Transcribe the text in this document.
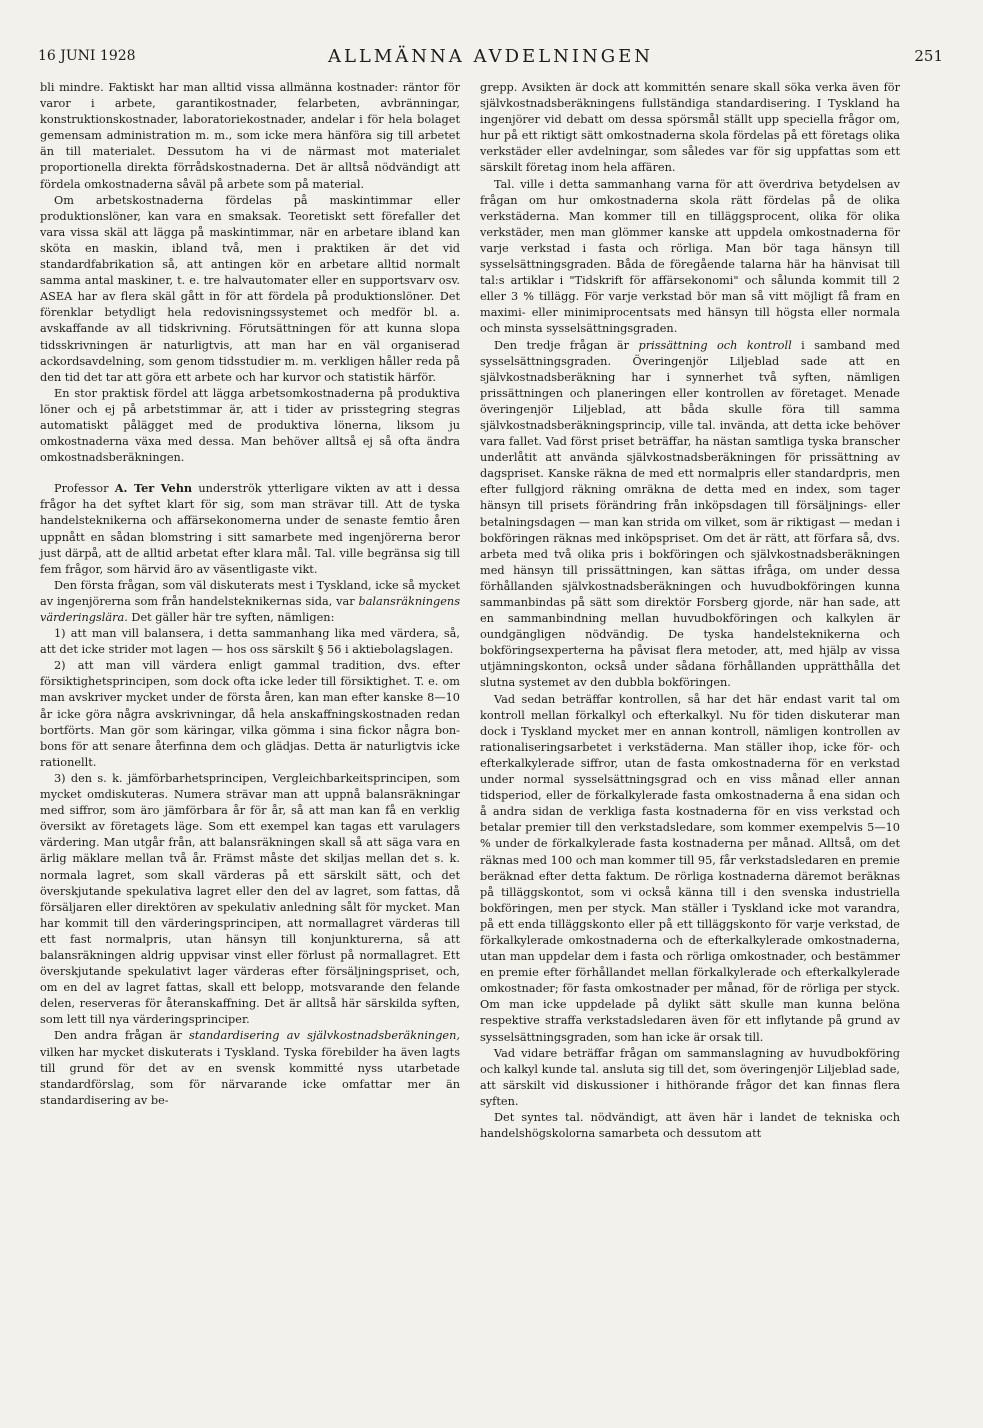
16 JUNI 1928	ALLMÄNNA AVDELNINGEN	251

bli mindre. Faktiskt har man alltid vissa allmänna kostnader: räntor för varor i arbete, garantikostnader, felarbeten, avbränningar, konstruktionskostnader, laboratoriekostnader, andelar i för hela bolaget gemensam administration m. m., som icke mera hänföra sig till arbetet än till materialet. Dessutom ha vi de närmast mot materialet proportionella direkta förrådskostnaderna. Det är alltså nödvändigt att fördela omkostnaderna såväl på arbete som på material.

Om arbetskostnaderna fördelas på maskintimmar eller produktionslöner, kan vara en smaksak. Teoretiskt sett förefaller det vara vissa skäl att lägga på maskintimmar, när en arbetare ibland kan sköta en maskin, ibland två, men i praktiken är det vid standardfabrikation så, att antingen kör en arbetare alltid normalt samma antal maskiner, t. e. tre halvautomater eller en supportsvarv osv. ASEA har av flera skäl gått in för att fördela på produktionslöner. Det förenklar betydligt hela redovisningssystemet och medför bl. a. avskaffande av all tidskrivning. Förutsättningen för att kunna slopa tidsskrivningen är naturligtvis, att man har en väl organiserad ackordsavdelning, som genom tidsstudier m. m. verkligen håller reda på den tid det tar att göra ett arbete och har kurvor och statistik härför.

En stor praktisk fördel att lägga arbetsomkostnaderna på produktiva löner och ej på arbetstimmar är, att i tider av prisstegring stegras automatiskt pålägget med de produktiva lönerna, liksom ju omkostnaderna växa med dessa. Man behöver alltså ej så ofta ändra omkostnadsberäkningen.

Professor A. Ter Vehn underströk ytterligare vikten av att i dessa frågor ha det syftet klart för sig, som man strävar till. Att de tyska handelsteknikerna och affärsekonomerna under de senaste femtio åren uppnått en sådan blomstring i sitt samarbete med ingenjörerna beror just därpå, att de alltid arbetat efter klara mål. Tal. ville begränsa sig till fem frågor, som härvid äro av väsentligaste vikt.

Den första frågan, som väl diskuterats mest i Tyskland, icke så mycket av ingenjörerna som från handelsteknikernas sida, var balansräkningens värderingslära. Det gäller här tre syften, nämligen:

1) att man vill balansera, i detta sammanhang lika med värdera, så, att det icke strider mot lagen — hos oss särskilt § 56 i aktiebolagslagen.

2) att man vill värdera enligt gammal tradition, dvs. efter försiktighetsprincipen, som dock ofta icke leder till försiktighet. T. e. om man avskriver mycket under de första åren, kan man efter kanske 8—10 år icke göra några avskrivningar, då hela anskaffningskostnaden redan bortförts. Man gör som käringar, vilka gömma i sina fickor några bon-bons för att senare återfinna dem och glädjas. Detta är naturligtvis icke rationellt.

3) den s. k. jämförbarhetsprincipen, Vergleichbarkeitsprincipen, som mycket omdiskuteras. Numera strävar man att uppnå balansräkningar med siffror, som äro jämförbara år för år, så att man kan få en verklig översikt av företagets läge. Som ett exempel kan tagas ett varulagers värdering. Man utgår från, att balansräkningen skall så att säga vara en ärlig mäklare mellan två år. Främst måste det skiljas mellan det s. k. normala lagret, som skall värderas på ett särskilt sätt, och det överskjutande spekulativa lagret eller den del av lagret, som fattas, då försäljaren eller direktören av spekulativ anledning sålt för mycket. Man har kommit till den värderingsprincipen, att normallagret värderas till ett fast normalpris, utan hänsyn till konjunkturerna, så att balansräkningen aldrig uppvisar vinst eller förlust på normallagret. Ett överskjutande spekulativt lager värderas efter försäljningspriset, och, om en del av lagret fattas, skall ett belopp, motsvarande den felande delen, reserveras för återanskaffning. Det är alltså här särskilda syften, som lett till nya värderingsprinciper.

Den andra frågan är standardisering av självkostnadsberäkningen, vilken har mycket diskuterats i Tyskland. Tyska förebilder ha även lagts till grund för det av en svensk kommitté nyss utarbetade standardförslag, som för närvarande icke omfattar mer än standardisering av be-

grepp. Avsikten är dock att kommittén senare skall söka verka även för självkostnadsberäkningens fullständiga standardisering. I Tyskland ha ingenjörer vid debatt om dessa spörsmål ställt upp speciella frågor om, hur på ett riktigt sätt omkostnaderna skola fördelas på ett företags olika verkstäder eller avdelningar, som således var för sig uppfattas som ett särskilt företag inom hela affären.

Tal. ville i detta sammanhang varna för att överdriva betydelsen av frågan om hur omkostnaderna skola rätt fördelas på de olika verkstäderna. Man kommer till en tilläggsprocent, olika för olika verkstäder, men man glömmer kanske att uppdela omkostnaderna för varje verkstad i fasta och rörliga. Man bör taga hänsyn till sysselsättningsgraden. Båda de föregående talarna här ha hänvisat till tal:s artiklar i "Tidskrift för affärsekonomi" och sålunda kommit till 2 eller 3 % tillägg. För varje verkstad bör man så vitt möjligt få fram en maximi- eller minimiprocentsats med hänsyn till högsta eller normala och minsta sysselsättningsgraden.

Den tredje frågan är prissättning och kontroll i samband med sysselsättningsgraden. Överingenjör Liljeblad sade att en självkostnadsberäkning har i synnerhet två syften, nämligen prissättningen och planeringen eller kontrollen av företaget. Menade överingenjör Liljeblad, att båda skulle föra till samma självkostnadsberäkningsprincip, ville tal. invända, att detta icke behöver vara fallet. Vad först priset beträffar, ha nästan samtliga tyska branscher underlåtit att använda självkostnadsberäkningen för prissättning av dagspriset. Kanske räkna de med ett normalpris eller standardpris, men efter fullgjord räkning omräkna de detta med en index, som tager hänsyn till prisets förändring från inköpsdagen till försäljnings- eller betalningsdagen — man kan strida om vilket, som är riktigast — medan i bokföringen räknas med inköpspriset. Om det är rätt, att förfara så, dvs. arbeta med två olika pris i bokföringen och självkostnadsberäkningen med hänsyn till prissättningen, kan sättas ifråga, om under dessa förhållanden självkostnadsberäkningen och huvudbokföringen kunna sammanbindas på sätt som direktör Forsberg gjorde, när han sade, att en sammanbindning mellan huvudbokföringen och kalkylen är oundgängligen nödvändig. De tyska handelsteknikerna och bokföringsexperterna ha påvisat flera metoder, att, med hjälp av vissa utjämningskonton, också under sådana förhållanden upprätthålla det slutna systemet av den dubbla bokföringen.

Vad sedan beträffar kontrollen, så har det här endast varit tal om kontroll mellan förkalkyl och efterkalkyl. Nu för tiden diskuterar man dock i Tyskland mycket mer en annan kontroll, nämligen kontrollen av rationaliseringsarbetet i verkstäderna. Man ställer ihop, icke för- och efterkalkylerade siffror, utan de fasta omkostnaderna för en verkstad under normal sysselsättningsgrad och en viss månad eller annan tidsperiod, eller de förkalkylerade fasta omkostnaderna å ena sidan och å andra sidan de verkliga fasta kostnaderna för en viss verkstad och betalar premier till den verkstadsledare, som kommer exempelvis 5—10 % under de förkalkylerade fasta kostnaderna per månad. Alltså, om det räknas med 100 och man kommer till 95, får verkstadsledaren en premie beräknad efter detta faktum. De rörliga kostnaderna däremot beräknas på tilläggskontot, som vi också känna till i den svenska industriella bokföringen, men per styck. Man ställer i Tyskland icke mot varandra, på ett enda tilläggskonto eller på ett tilläggskonto för varje verkstad, de förkalkylerade omkostnaderna och de efterkalkylerade omkostnaderna, utan man uppdelar dem i fasta och rörliga omkostnader, och bestämmer en premie efter förhållandet mellan förkalkylerade och efterkalkylerade omkostnader; för fasta omkostnader per månad, för de rörliga per styck. Om man icke uppdelade på dylikt sätt skulle man kunna belöna respektive straffa verkstadsledaren även för ett inflytande på grund av sysselsättningsgraden, som han icke är orsak till.

Vad vidare beträffar frågan om sammanslagning av huvudbokföring och kalkyl kunde tal. ansluta sig till det, som överingenjör Liljeblad sade, att särskilt vid diskussioner i hithörande frågor det kan finnas flera syften.

Det syntes tal. nödvändigt, att även här i landet de tekniska och handelshögskolorna samarbeta och dessutom att
